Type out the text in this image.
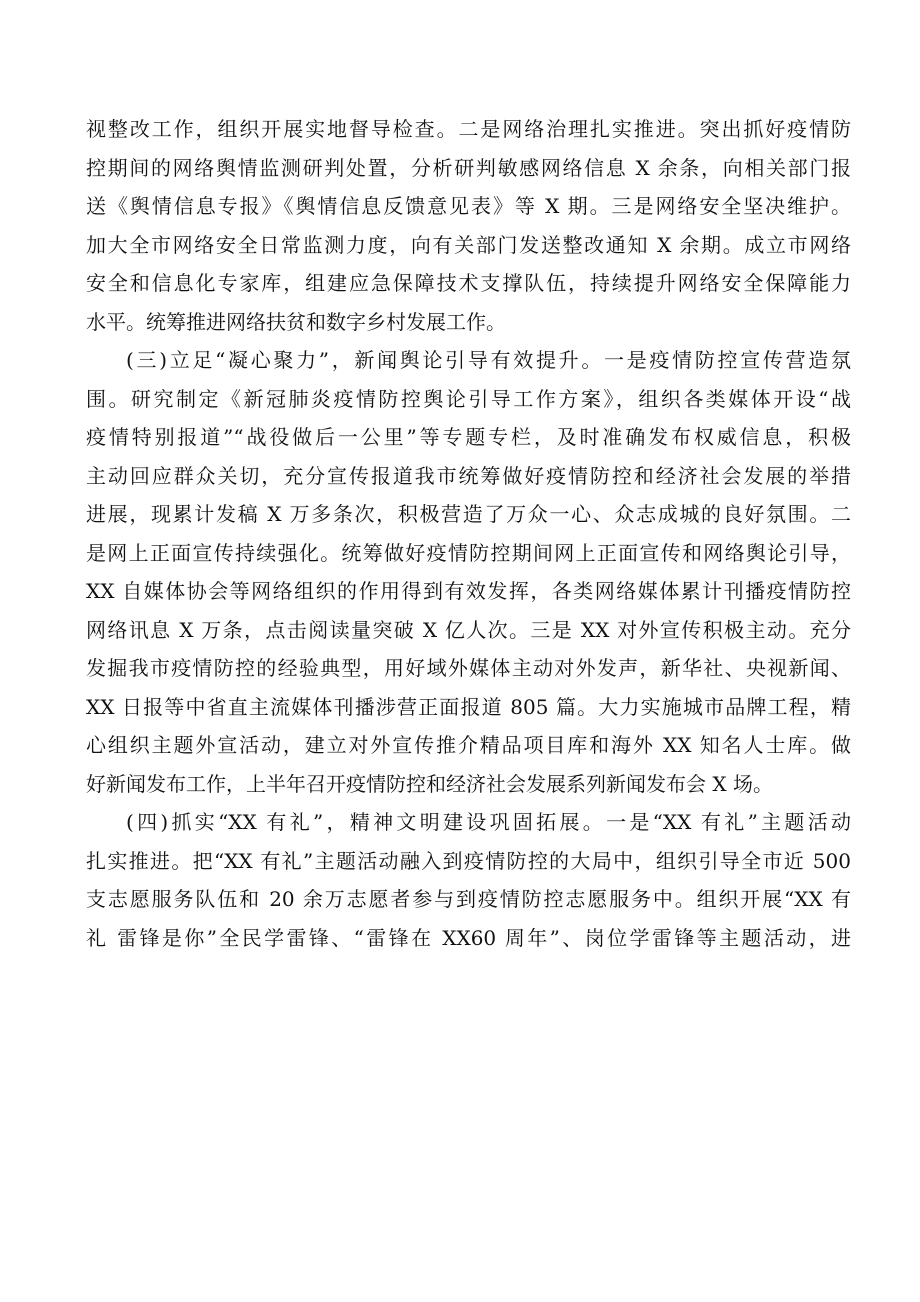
视整改工作，组织开展实地督导检查。二是网络治理扎实推进。突出抓好疫情防
控期间的网络舆情监测研判处置，分析研判敏感网络信息 X 余条，向相关部门报
送《舆情信息专报》《舆情信息反馈意见表》等 X 期。三是网络安全坚决维护。
加大全市网络安全日常监测力度，向有关部门发送整改通知 X 余期。成立市网络
安全和信息化专家库，组建应急保障技术支撑队伍，持续提升网络安全保障能力
水平。统筹推进网络扶贫和数字乡村发展工作。
(三)立足“凝心聚力”，新闻舆论引导有效提升。一是疫情防控宣传营造氛
围。研究制定《新冠肺炎疫情防控舆论引导工作方案》，组织各类媒体开设“战
疫情特别报道”“战役做后一公里”等专题专栏，及时准确发布权威信息，积极
主动回应群众关切，充分宣传报道我市统筹做好疫情防控和经济社会发展的举措
进展，现累计发稿 X 万多条次，积极营造了万众一心、众志成城的良好氛围。二
是网上正面宣传持续强化。统筹做好疫情防控期间网上正面宣传和网络舆论引导，
XX 自媒体协会等网络组织的作用得到有效发挥，各类网络媒体累计刊播疫情防控
网络讯息 X 万条，点击阅读量突破 X 亿人次。三是 XX 对外宣传积极主动。充分
发掘我市疫情防控的经验典型，用好域外媒体主动对外发声，新华社、央视新闻、
XX 日报等中省直主流媒体刊播涉营正面报道 805 篇。大力实施城市品牌工程，精
心组织主题外宣活动，建立对外宣传推介精品项目库和海外 XX 知名人士库。做
好新闻发布工作，上半年召开疫情防控和经济社会发展系列新闻发布会 X 场。
(四)抓实“XX 有礼”，精神文明建设巩固拓展。一是“XX 有礼”主题活动
扎实推进。把“XX 有礼”主题活动融入到疫情防控的大局中，组织引导全市近 500
支志愿服务队伍和 20 余万志愿者参与到疫情防控志愿服务中。组织开展“XX 有
礼 雷锋是你”全民学雷锋、“雷锋在 XX60 周年”、岗位学雷锋等主题活动，进
